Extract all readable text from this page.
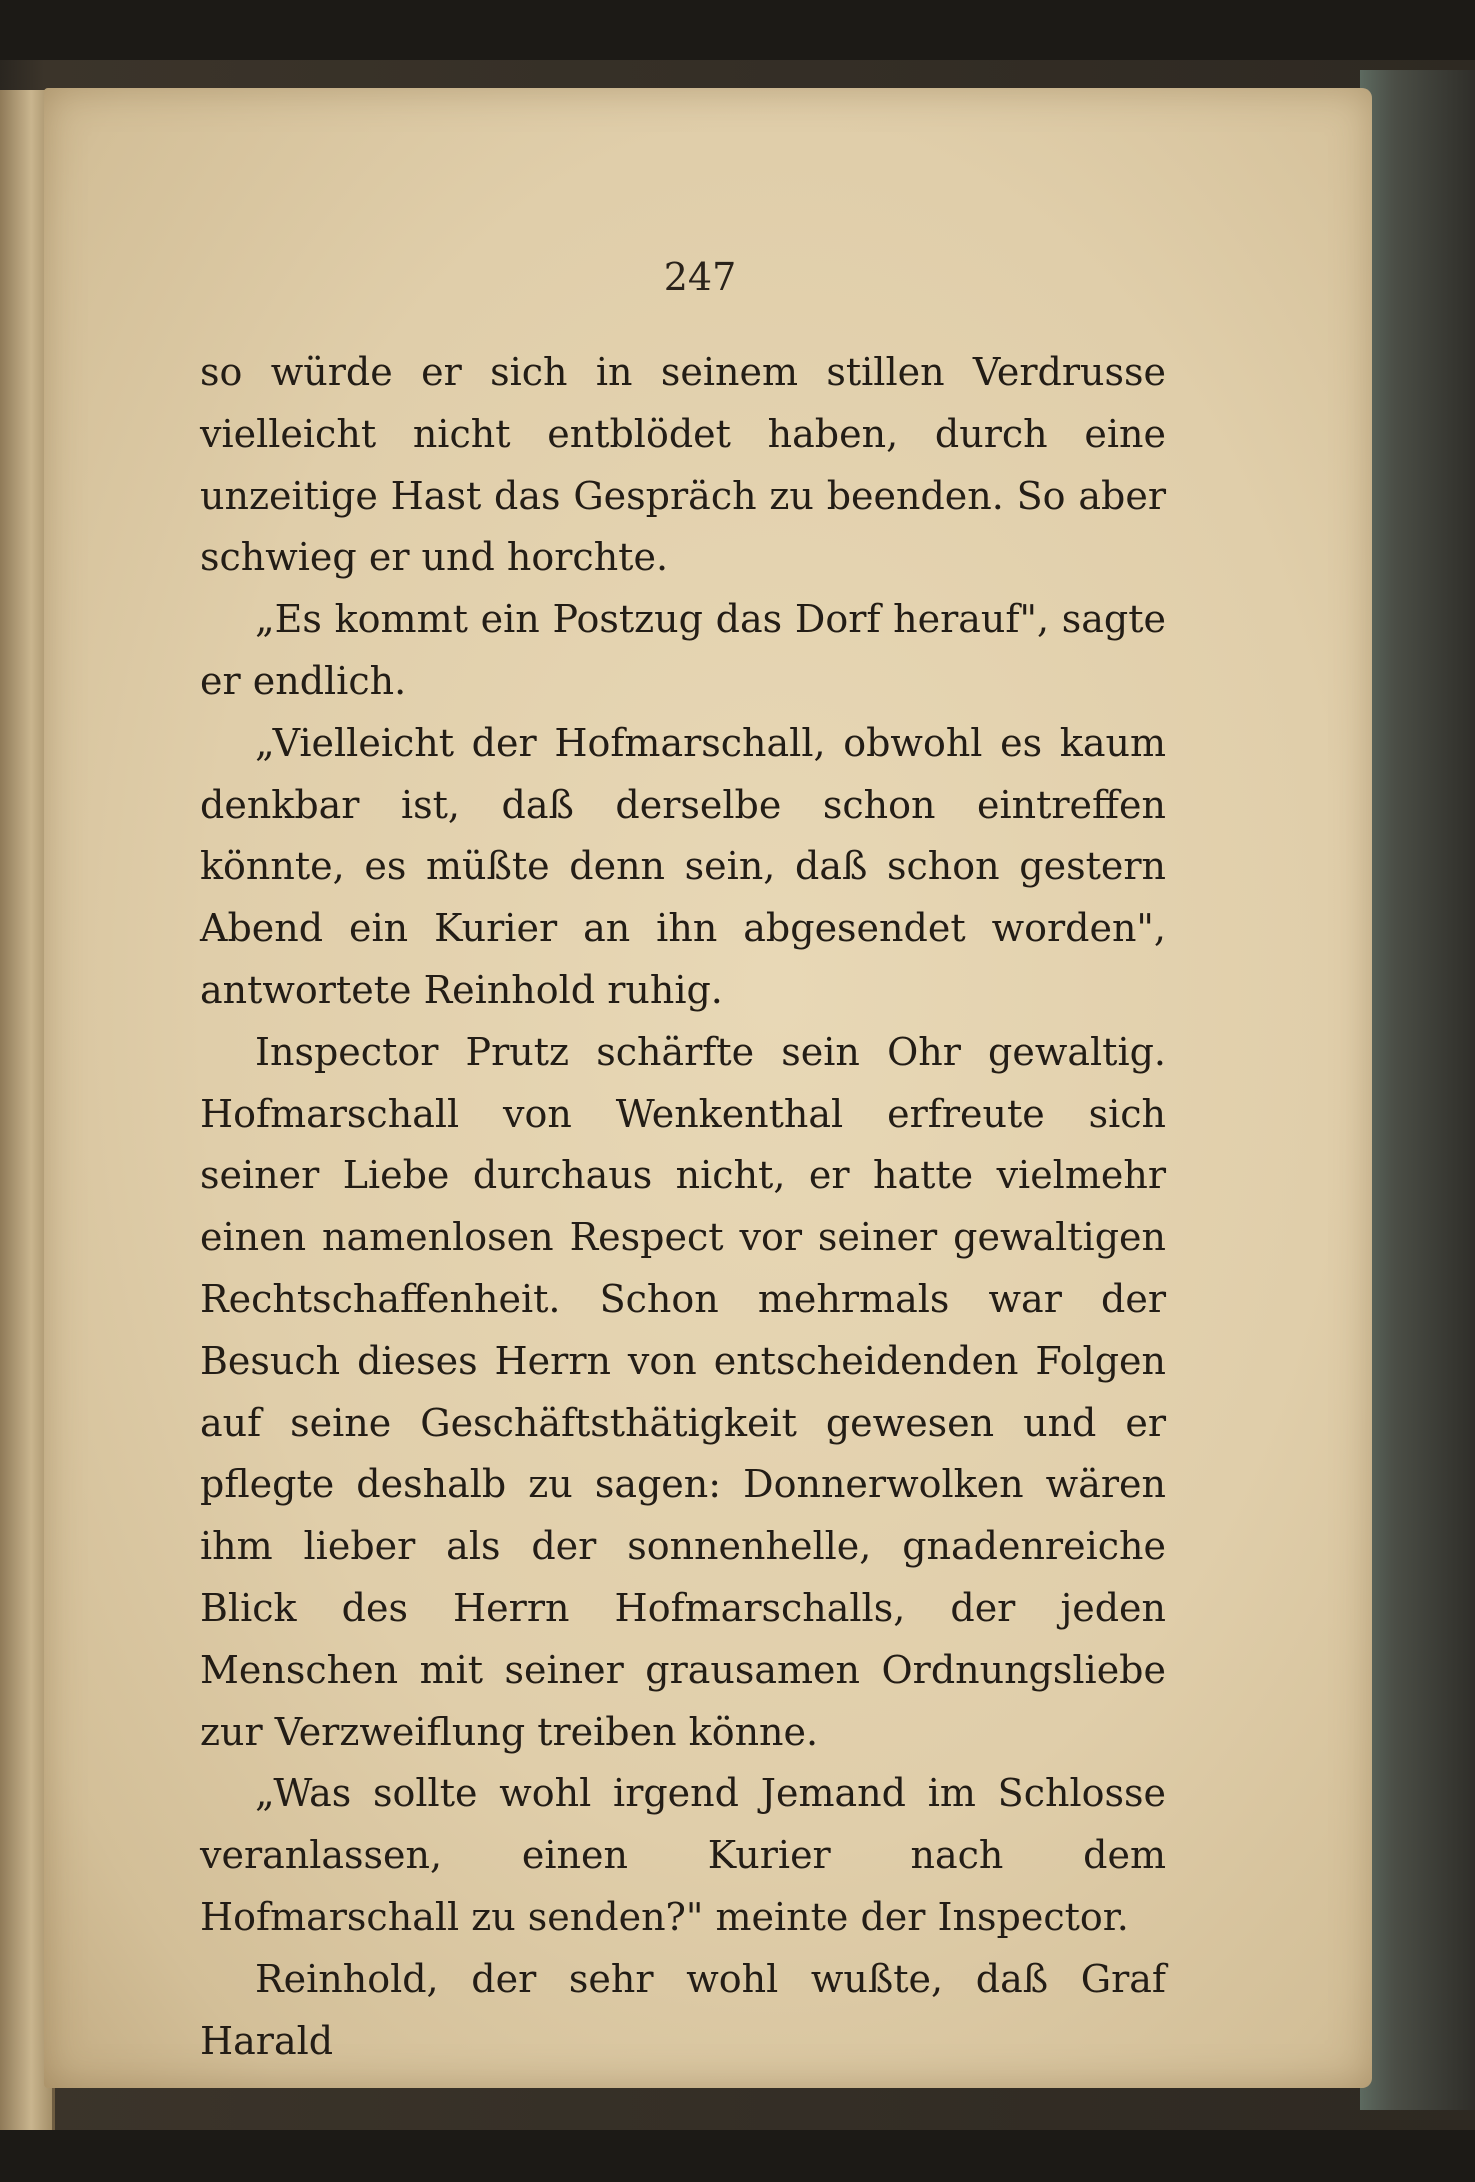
247

so würde er sich in seinem stillen Verdrusse vielleicht nicht entblödet haben, durch eine unzeitige Hast das Gespräch zu beenden. So aber schwieg er und horchte.

„Es kommt ein Postzug das Dorf herauf", sagte er endlich.

„Vielleicht der Hofmarschall, obwohl es kaum denkbar ist, daß derselbe schon eintreffen könnte, es müßte denn sein, daß schon gestern Abend ein Kurier an ihn abgesendet worden", antwortete Reinhold ruhig.

Inspector Prutz schärfte sein Ohr gewaltig. Hofmarschall von Wenkenthal erfreute sich seiner Liebe durchaus nicht, er hatte vielmehr einen namenlosen Respect vor seiner gewaltigen Rechtschaffenheit. Schon mehrmals war der Besuch dieses Herrn von entscheidenden Folgen auf seine Geschäftsthätigkeit gewesen und er pflegte deshalb zu sagen: Donnerwolken wären ihm lieber als der sonnenhelle, gnadenreiche Blick des Herrn Hofmarschalls, der jeden Menschen mit seiner grausamen Ordnungsliebe zur Verzweiflung treiben könne.

„Was sollte wohl irgend Jemand im Schlosse veranlassen, einen Kurier nach dem Hofmarschall zu senden?" meinte der Inspector.

Reinhold, der sehr wohl wußte, daß Graf Harald
